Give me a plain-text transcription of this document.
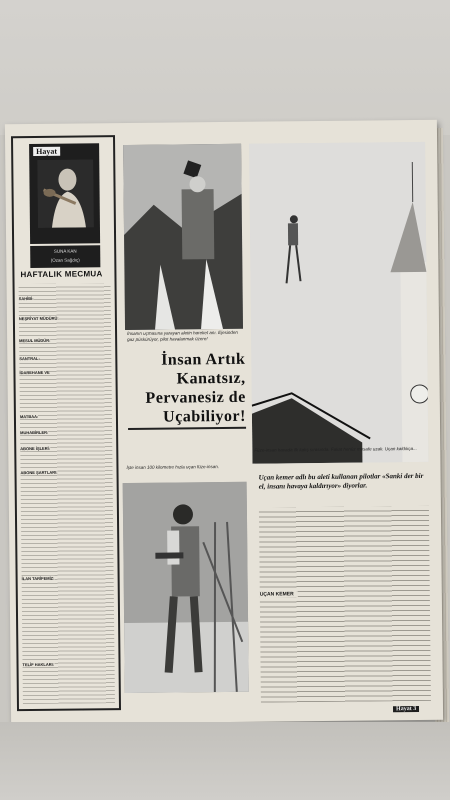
Hayat
SUNA KAN
(Ozan Sağdıç)
HAFTALIK MECMUA
SAHİBİ:
NEŞRİYAT MÜDÜRÜ:
MESUL MÜDÜR:
SANTRAL:
İDAREHANE VE
MATBAA:
MUHABİRLER:
ABONE İŞLERİ:
ABONE ŞARTLARI:
İLAN TARİFEMİZ:
TELİF HAKLARI:
İnsanın uçmasına yarayan aletin hareket anı. Ejesinden gaz püskürüyor, pilot havalanmak üzere!
Füze-insan havada ilk kalış sırasında. Fakat henüz mesafe uzak. Uçan kaldıkça...
İnsan Artık
Kanatsız,
Pervanesiz de
Uçabiliyor!
İşte insan 100 kilometre hızla uçan füze-insan.
Uçan kemer adlı bu aleti kullanan pilotlar «Sanki der bir el, insanı havaya kaldırıyor» diyorlar.
UÇAN KEMER
Hayat 3
